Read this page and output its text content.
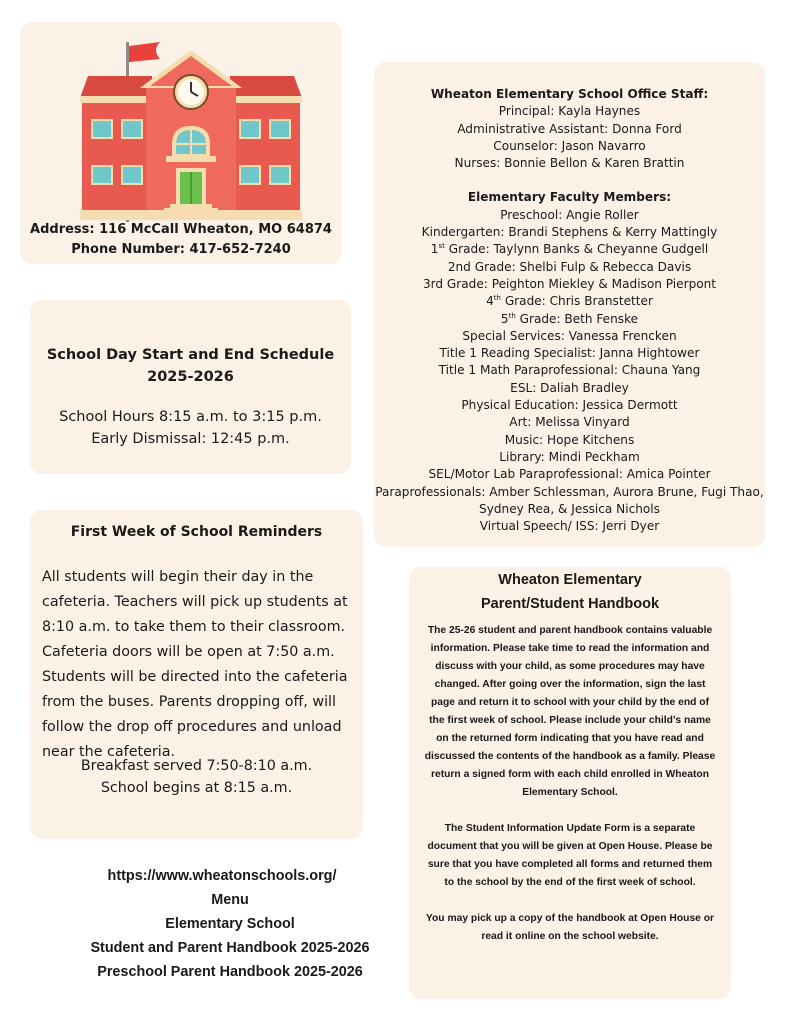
Address: 116 McCall Wheaton, MO 64874
Phone Number: 417-652-7240
School Day Start and End Schedule
2025-2026
School Hours 8:15 a.m. to 3:15 p.m.
Early Dismissal: 12:45 p.m.
First Week of School Reminders
All students will begin their day in the cafeteria. Teachers will pick up students at 8:10 a.m. to take them to their classroom. Cafeteria doors will be open at 7:50 a.m. Students will be directed into the cafeteria from the buses. Parents dropping off, will follow the drop off procedures and unload near the cafeteria.
Breakfast served 7:50-8:10 a.m.
School begins at 8:15 a.m.
Wheaton Elementary School Office Staff:
Principal: Kayla Haynes
Administrative Assistant: Donna Ford
Counselor: Jason Navarro
Nurses: Bonnie Bellon & Karen Brattin
Elementary Faculty Members:
Preschool: Angie Roller
Kindergarten: Brandi Stephens & Kerry Mattingly
1st Grade: Taylynn Banks & Cheyanne Gudgell
2nd Grade: Shelbi Fulp & Rebecca Davis
3rd Grade: Peighton Miekley & Madison Pierpont
4th Grade: Chris Branstetter
5th Grade: Beth Fenske
Special Services: Vanessa Frencken
Title 1 Reading Specialist: Janna Hightower
Title 1 Math Paraprofessional: Chauna Yang
ESL: Daliah Bradley
Physical Education: Jessica Dermott
Art: Melissa Vinyard
Music: Hope Kitchens
Library: Mindi Peckham
SEL/Motor Lab Paraprofessional: Amica Pointer
Paraprofessionals: Amber Schlessman, Aurora Brune, Fugi Thao,
Sydney Rea, & Jessica Nichols
Virtual Speech/ ISS: Jerri Dyer
Wheaton Elementary
Parent/Student Handbook

The 25-26 student and parent handbook contains valuable information. Please take time to read the information and discuss with your child, as some procedures may have changed. After going over the information, sign the last page and return it to school with your child by the end of the first week of school. Please include your child’s name on the returned form indicating that you have read and discussed the contents of the handbook as a family. Please return a signed form with each child enrolled in Wheaton Elementary School.

The Student Information Update Form is a separate document that you will be given at Open House. Please be sure that you have completed all forms and returned them to the school by the end of the first week of school.

You may pick up a copy of the handbook at Open House or read it online on the school website.

https://www.wheatonschools.org/
Menu
Elementary School
Student and Parent Handbook 2025-2026
Preschool Parent Handbook 2025-2026
